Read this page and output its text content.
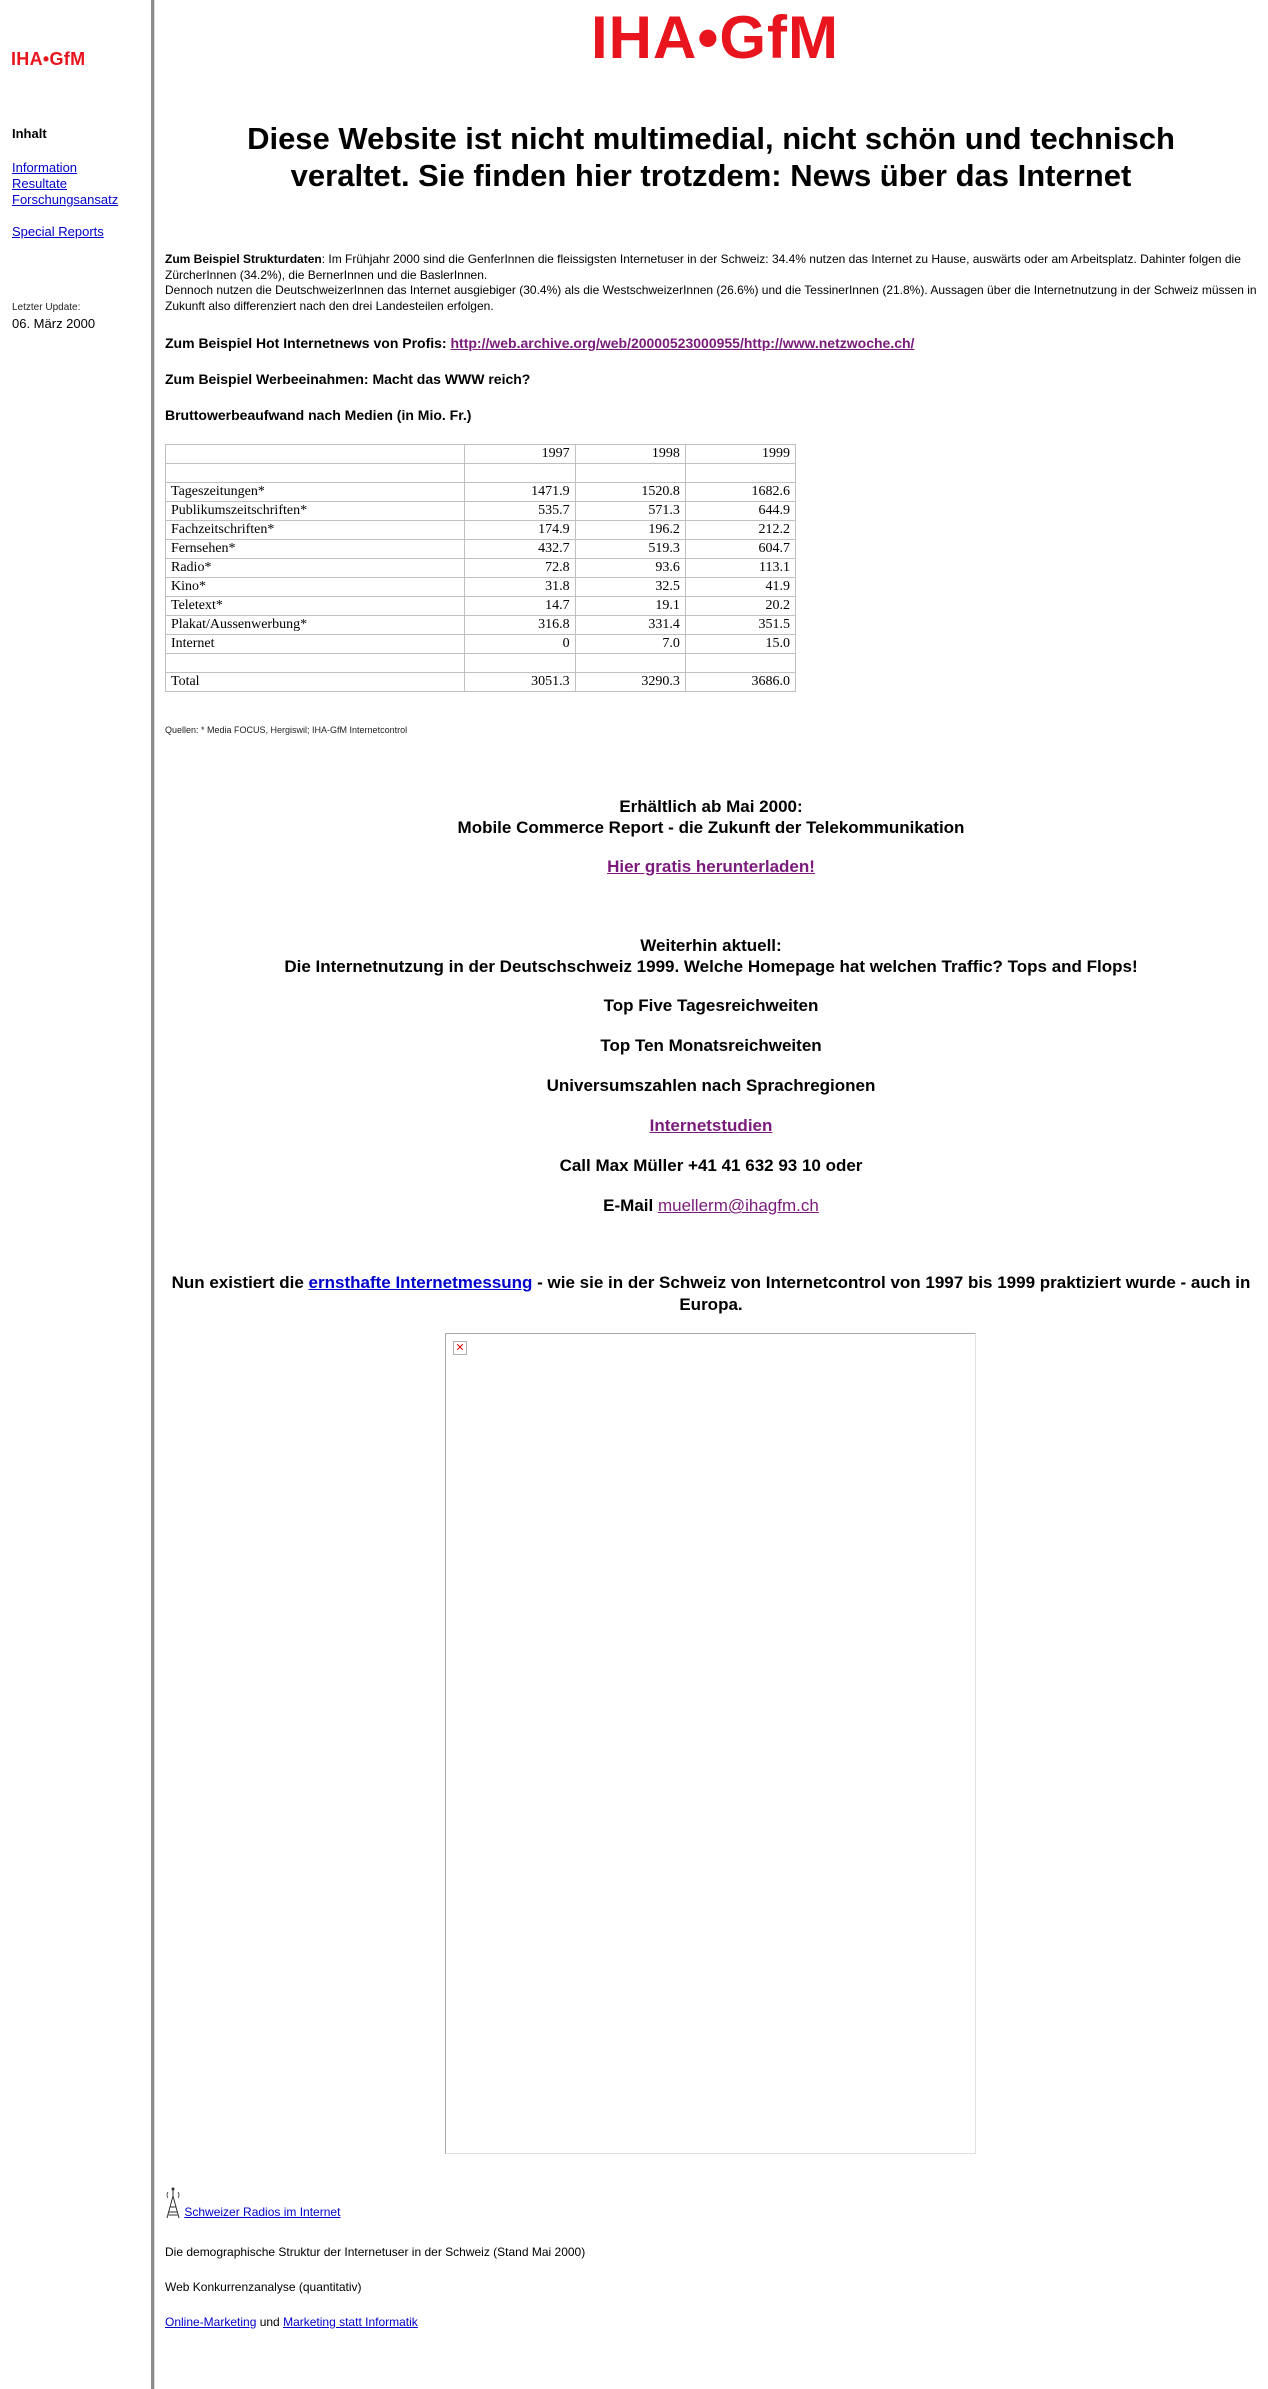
IHA•GfM
Inhalt
Information
Resultate
Forschungsansatz
Special Reports
Letzter Update:
06. März 2000
IHA•GfM
Diese Website ist nicht multimedial, nicht schön und technisch
veraltet. Sie finden hier trotzdem: News über das Internet
Zum Beispiel Strukturdaten: Im Frühjahr 2000 sind die GenferInnen die fleissigsten Internetuser in der Schweiz: 34.4% nutzen das Internet zu Hause, auswärts oder am Arbeitsplatz. Dahinter folgen die ZürcherInnen (34.2%), die BernerInnen und die BaslerInnen.
Dennoch nutzen die DeutschweizerInnen das Internet ausgiebiger (30.4%) als die WestschweizerInnen (26.6%) und die TessinerInnen (21.8%). Aussagen über die Internetnutzung in der Schweiz müssen in Zukunft also differenziert nach den drei Landesteilen erfolgen.
Zum Beispiel Hot Internetnews von Profis: http://web.archive.org/web/20000523000955/http://www.netzwoche.ch/
Zum Beispiel Werbeeinahmen: Macht das WWW reich?
Bruttowerbeaufwand nach Medien (in Mio. Fr.)
	1997	1998	1999

Tageszeitungen*	1471.9	1520.8	1682.6
Publikumszeitschriften*	535.7	571.3	644.9
Fachzeitschriften*	174.9	196.2	212.2
Fernsehen*	432.7	519.3	604.7
Radio*	72.8	93.6	113.1
Kino*	31.8	32.5	41.9
Teletext*	14.7	19.1	20.2
Plakat/Aussenwerbung*	316.8	331.4	351.5
Internet	0	7.0	15.0

Total	3051.3	3290.3	3686.0
Quellen: * Media FOCUS, Hergiswil; IHA-GfM Internetcontrol
Erhältlich ab Mai 2000:
Mobile Commerce Report - die Zukunft der Telekommunikation
Hier gratis herunterladen!
Weiterhin aktuell:
Die Internetnutzung in der Deutschschweiz 1999. Welche Homepage hat welchen Traffic? Tops and Flops!
Top Five Tagesreichweiten
Top Ten Monatsreichweiten
Universumszahlen nach Sprachregionen
Internetstudien
Call Max Müller +41 41 632 93 10 oder
E-Mail muellerm@ihagfm.ch
Nun existiert die ernsthafte Internetmessung - wie sie in der Schweiz von Internetcontrol von 1997 bis 1999 praktiziert wurde - auch in Europa.
✕
Schweizer Radios im Internet
Die demographische Struktur der Internetuser in der Schweiz (Stand Mai 2000)
Web Konkurrenzanalyse (quantitativ)
Online-Marketing und Marketing statt Informatik
